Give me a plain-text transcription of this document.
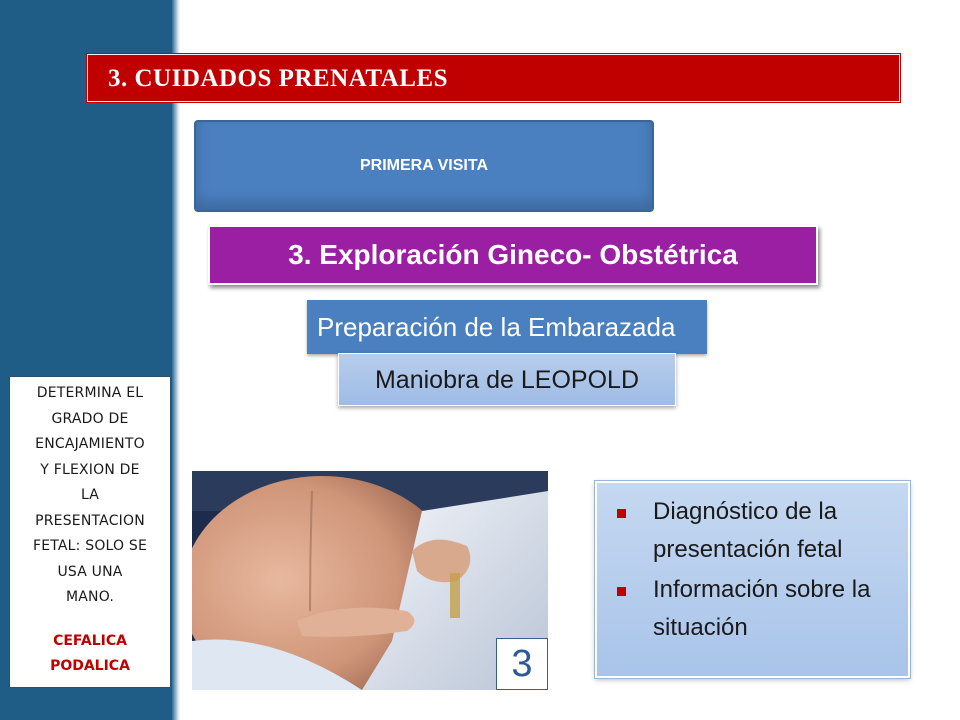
3. CUIDADOS PRENATALES
PRIMERA VISITA
3. Exploración Gineco- Obstétrica
Preparación de la Embarazada
Maniobra de LEOPOLD
DETERMINA EL
GRADO DE
ENCAJAMIENTO
Y FLEXION DE
LA
PRESENTACION
FETAL: SOLO SE
USA UNA
MANO.
CEFALICA
PODALICA	3
Diagnóstico de la presentación fetal
Información sobre la situación
